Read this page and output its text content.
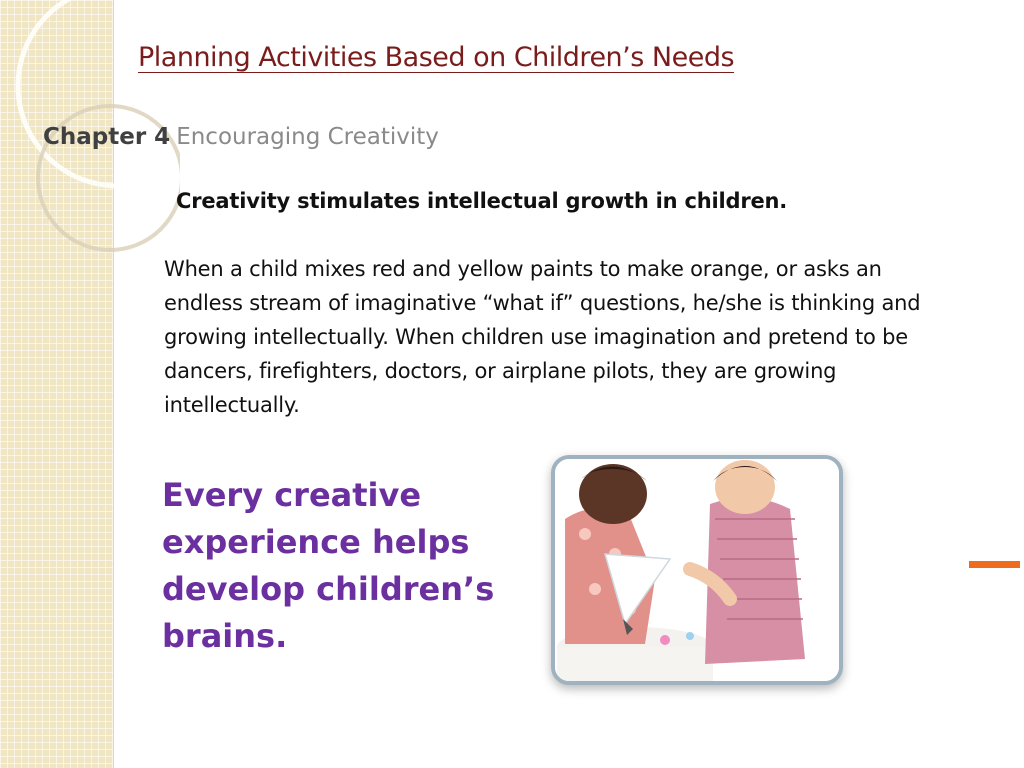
Planning Activities Based on Children’s Needs
Chapter 4 Encouraging Creativity
Creativity stimulates intellectual growth in children.
When a child mixes red and yellow paints to make orange, or asks an endless stream of imaginative “what if” questions, he/she is thinking and growing intellectually. When children use imagination and pretend to be dancers, firefighters, doctors, or airplane pilots, they are growing intellectually.
Every creative experience helps develop children’s brains.
